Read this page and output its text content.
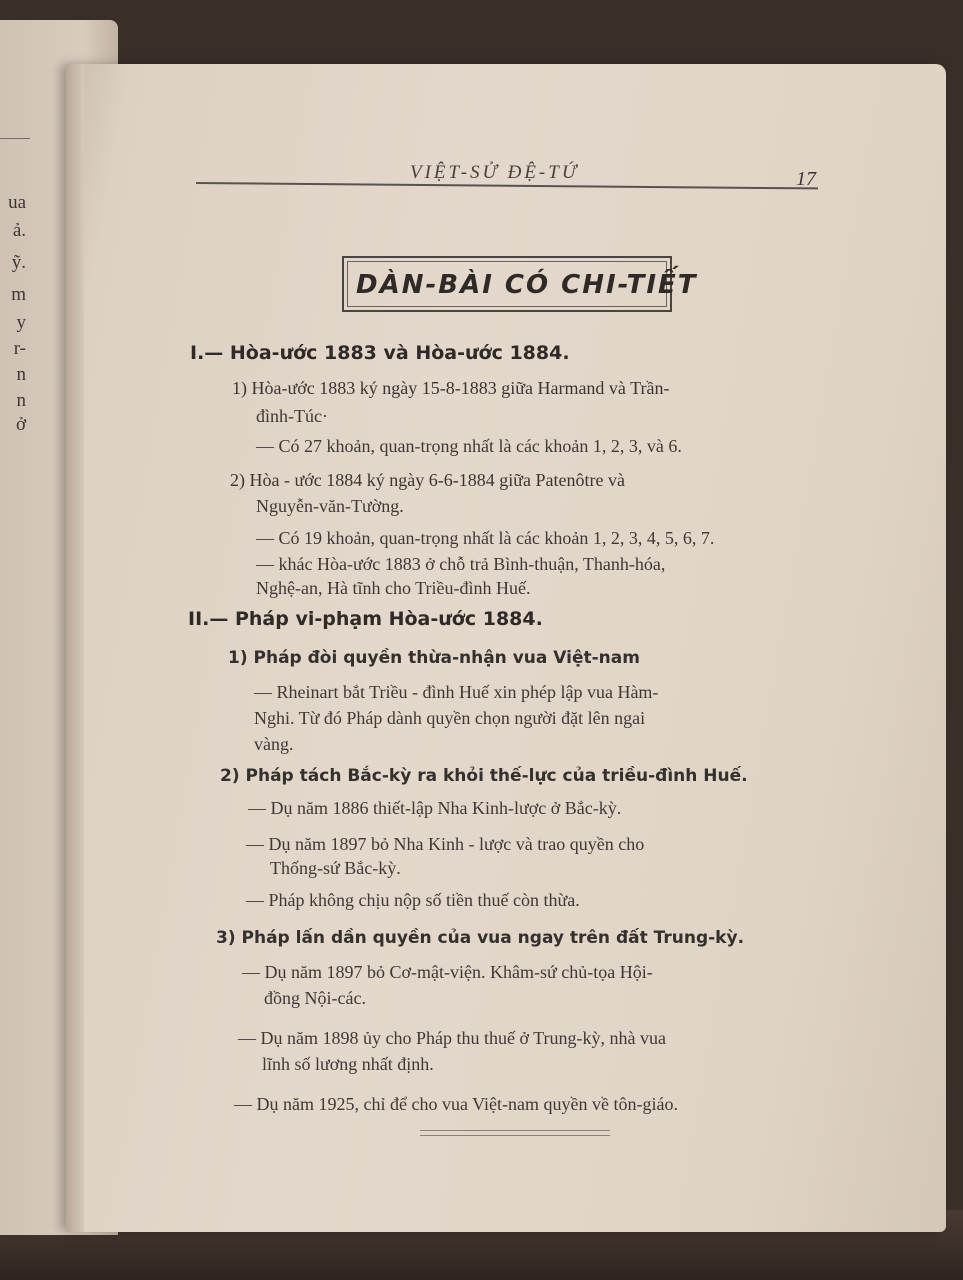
ua
ả.
ỹ.
m
y
r-
n
n
ở
VIỆT-SỬ ĐỆ-TỨ	17
DÀN-BÀI CÓ CHI-TIẾT
I.— Hòa-ước 1883 và Hòa-ước 1884.
1) Hòa-ước 1883 ký ngày 15-8-1883 giữa Harmand và Trần-
đình-Túc·
— Có 27 khoản, quan-trọng nhất là các khoản 1, 2, 3, và 6.
2) Hòa - ước 1884 ký ngày 6-6-1884 giữa Patenôtre và
Nguyễn-văn-Tường.
— Có 19 khoản, quan-trọng nhất là các khoản 1, 2, 3, 4, 5, 6, 7.
— khác Hòa-ước 1883 ở chỗ trả Bình-thuận, Thanh-hóa,
Nghệ-an, Hà tĩnh cho Triều-đình Huế.
II.— Pháp vi-phạm Hòa-ước 1884.
1) Pháp đòi quyền thừa-nhận vua Việt-nam
— Rheinart bắt Triều - đình Huế xin phép lập vua Hàm-
Nghi. Từ đó Pháp dành quyền chọn người đặt lên ngai
vàng.
2) Pháp tách Bắc-kỳ ra khỏi thế-lực của triều-đình Huế.
— Dụ năm 1886 thiết-lập Nha Kinh-lược ở Bắc-kỳ.
— Dụ năm 1897 bỏ Nha Kinh - lược và trao quyền cho
Thống-sứ Bắc-kỳ.
— Pháp không chịu nộp số tiền thuế còn thừa.
3) Pháp lấn dần quyền của vua ngay trên đất Trung-kỳ.
— Dụ năm 1897 bỏ Cơ-mật-viện. Khâm-sứ chủ-tọa Hội-
đồng Nội-các.
— Dụ năm 1898 ủy cho Pháp thu thuế ở Trung-kỳ, nhà vua
lĩnh số lương nhất định.
— Dụ năm 1925, chỉ để cho vua Việt-nam quyền về tôn-giáo.
